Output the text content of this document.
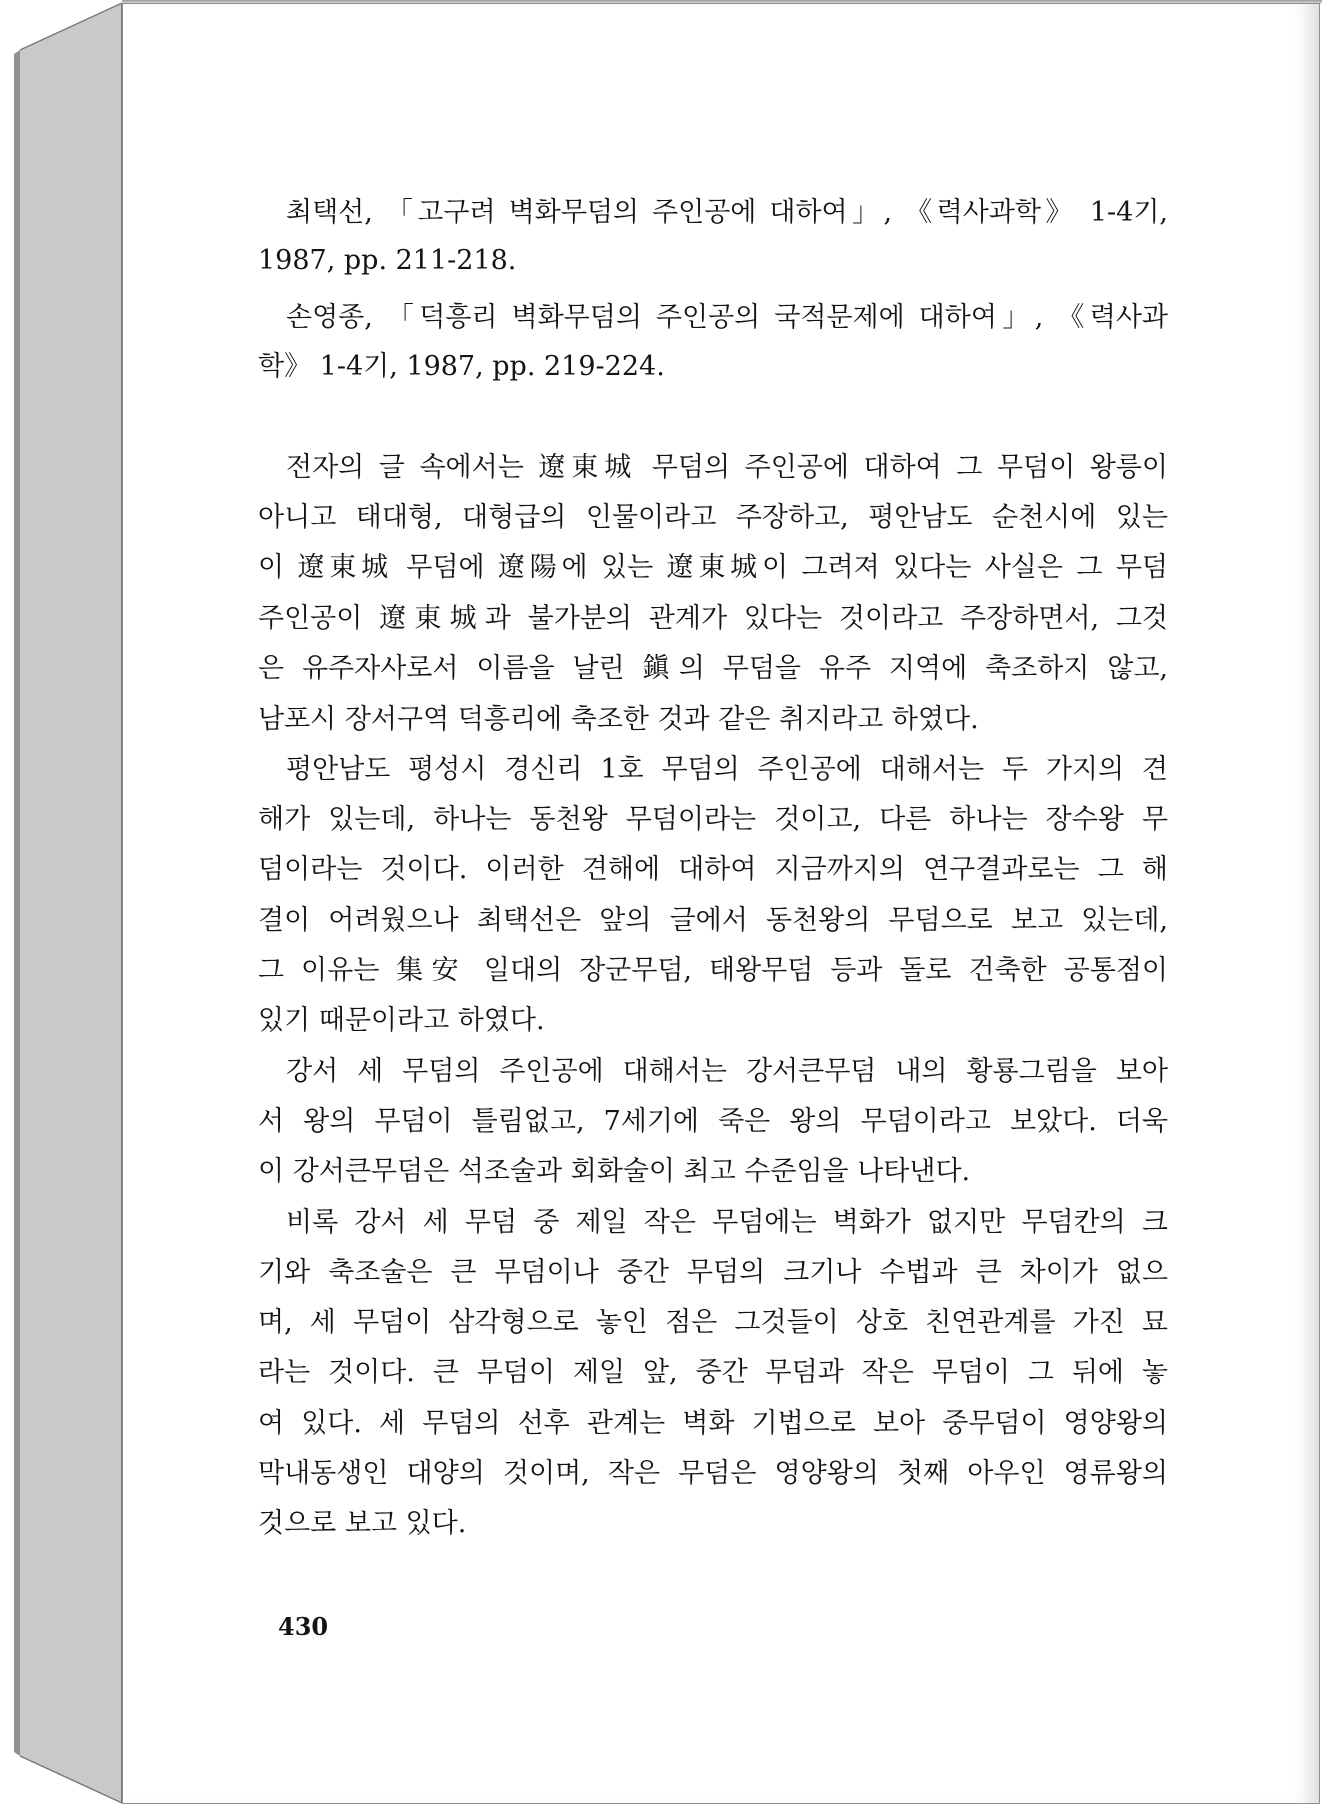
최택선, 「고구려 벽화무덤의 주인공에 대하여」, 《력사과학》 1-4기,
1987, pp. 211-218.
손영종, 「덕흥리 벽화무덤의 주인공의 국적문제에 대하여」, 《력사과
학》 1-4기, 1987, pp. 219-224.
전자의 글 속에서는 遼東城 무덤의 주인공에 대하여 그 무덤이 왕릉이
아니고 태대형, 대형급의 인물이라고 주장하고, 평안남도 순천시에 있는
이 遼東城 무덤에 遼陽에 있는 遼東城이 그려져 있다는 사실은 그 무덤
주인공이 遼東城과 불가분의 관계가 있다는 것이라고 주장하면서, 그것
은 유주자사로서 이름을 날린 鎭의 무덤을 유주 지역에 축조하지 않고,
남포시 장서구역 덕흥리에 축조한 것과 같은 취지라고 하였다.
평안남도 평성시 경신리 1호 무덤의 주인공에 대해서는 두 가지의 견
해가 있는데, 하나는 동천왕 무덤이라는 것이고, 다른 하나는 장수왕 무
덤이라는 것이다. 이러한 견해에 대하여 지금까지의 연구결과로는 그 해
결이 어려웠으나 최택선은 앞의 글에서 동천왕의 무덤으로 보고 있는데,
그 이유는 集安 일대의 장군무덤, 태왕무덤 등과 돌로 건축한 공통점이
있기 때문이라고 하였다.
강서 세 무덤의 주인공에 대해서는 강서큰무덤 내의 황룡그림을 보아
서 왕의 무덤이 틀림없고, 7세기에 죽은 왕의 무덤이라고 보았다. 더욱
이 강서큰무덤은 석조술과 회화술이 최고 수준임을 나타낸다.
비록 강서 세 무덤 중 제일 작은 무덤에는 벽화가 없지만 무덤칸의 크
기와 축조술은 큰 무덤이나 중간 무덤의 크기나 수법과 큰 차이가 없으
며, 세 무덤이 삼각형으로 놓인 점은 그것들이 상호 친연관계를 가진 묘
라는 것이다. 큰 무덤이 제일 앞, 중간 무덤과 작은 무덤이 그 뒤에 놓
여 있다. 세 무덤의 선후 관계는 벽화 기법으로 보아 중무덤이 영양왕의
막내동생인 대양의 것이며, 작은 무덤은 영양왕의 첫째 아우인 영류왕의
것으로 보고 있다.
430
